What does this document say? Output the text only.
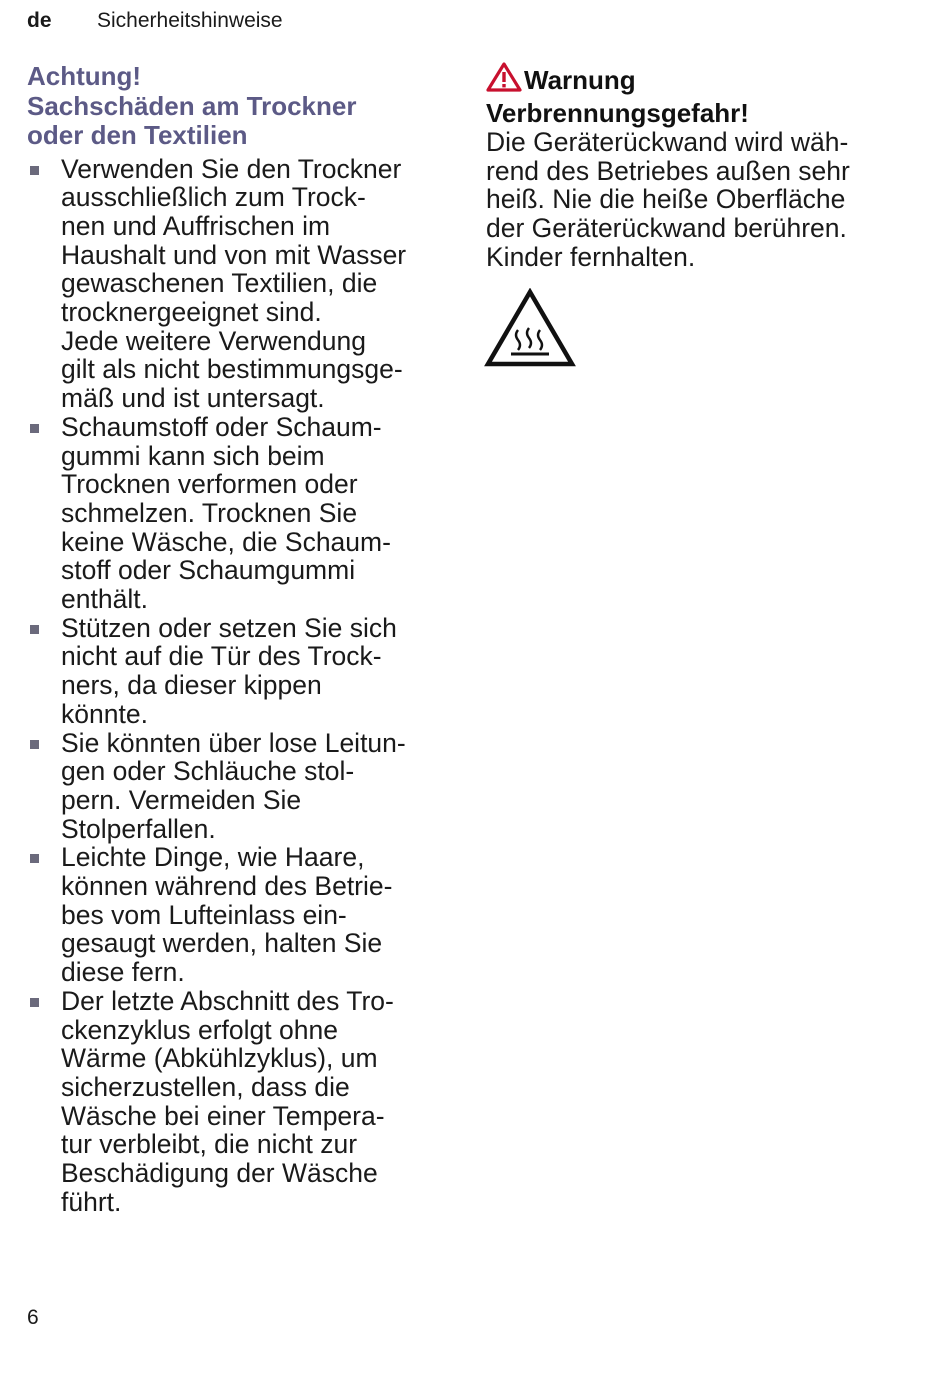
de Sicherheitshinweise
Achtung!
Sachschäden am Trockner
oder den Textilien
Verwenden Sie den Trockner
ausschließlich zum Trock-
nen und Auffrischen im
Haushalt und von mit Wasser
gewaschenen Textilien, die
trocknergeeignet sind.
Jede weitere Verwendung
gilt als nicht bestimmungsge-
mäß und ist untersagt.
Schaumstoff oder Schaum-
gummi kann sich beim
Trocknen verformen oder
schmelzen. Trocknen Sie
keine Wäsche, die Schaum-
stoff oder Schaumgummi
enthält.
Stützen oder setzen Sie sich
nicht auf die Tür des Trock-
ners, da dieser kippen
könnte.
Sie könnten über lose Leitun-
gen oder Schläuche stol-
pern. Vermeiden Sie
Stolperfallen.
Leichte Dinge, wie Haare,
können während des Betrie-
bes vom Lufteinlass ein-
gesaugt werden, halten Sie
diese fern.
Der letzte Abschnitt des Tro-
ckenzyklus erfolgt ohne
Wärme (Abkühlzyklus), um
sicherzustellen, dass die
Wäsche bei einer Tempera-
tur verbleibt, die nicht zur
Beschädigung der Wäsche
führt.
Warnung
Verbrennungsgefahr!

Die Geräterückwand wird wäh-
rend des Betriebes außen sehr
heiß. Nie die heiße Oberfläche
der Geräterückwand berühren.
Kinder fernhalten.

6
